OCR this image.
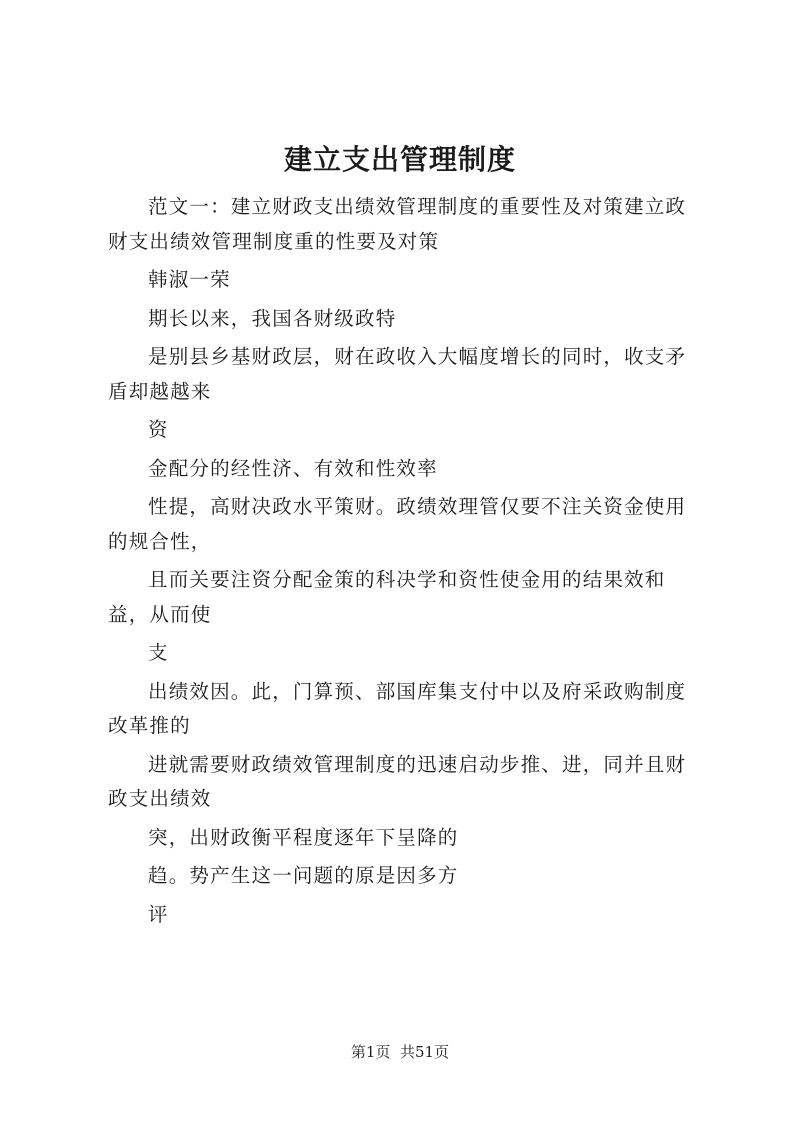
建立支出管理制度

范文一：建立财政支出绩效管理制度的重要性及对策建立政财支出绩效管理制度重的性要及对策

韩淑一荣

期长以来，我国各财级政特

是别县乡基财政层，财在政收入大幅度增长的同时，收支矛盾却越越来

资

金配分的经性济、有效和性效率

性提，高财决政水平策财。政绩效理管仅要不注关资金使用的规合性，

且而关要注资分配金策的科决学和资性使金用的结果效和益，从而使

支

出绩效因。此，门算预、部国库集支付中以及府采政购制度改革推的

进就需要财政绩效管理制度的迅速启动步推、进，同并且财政支出绩效

突，出财政衡平程度逐年下呈降的

趋。势产生这一问题的原是因多方

评

第1页  共51页
